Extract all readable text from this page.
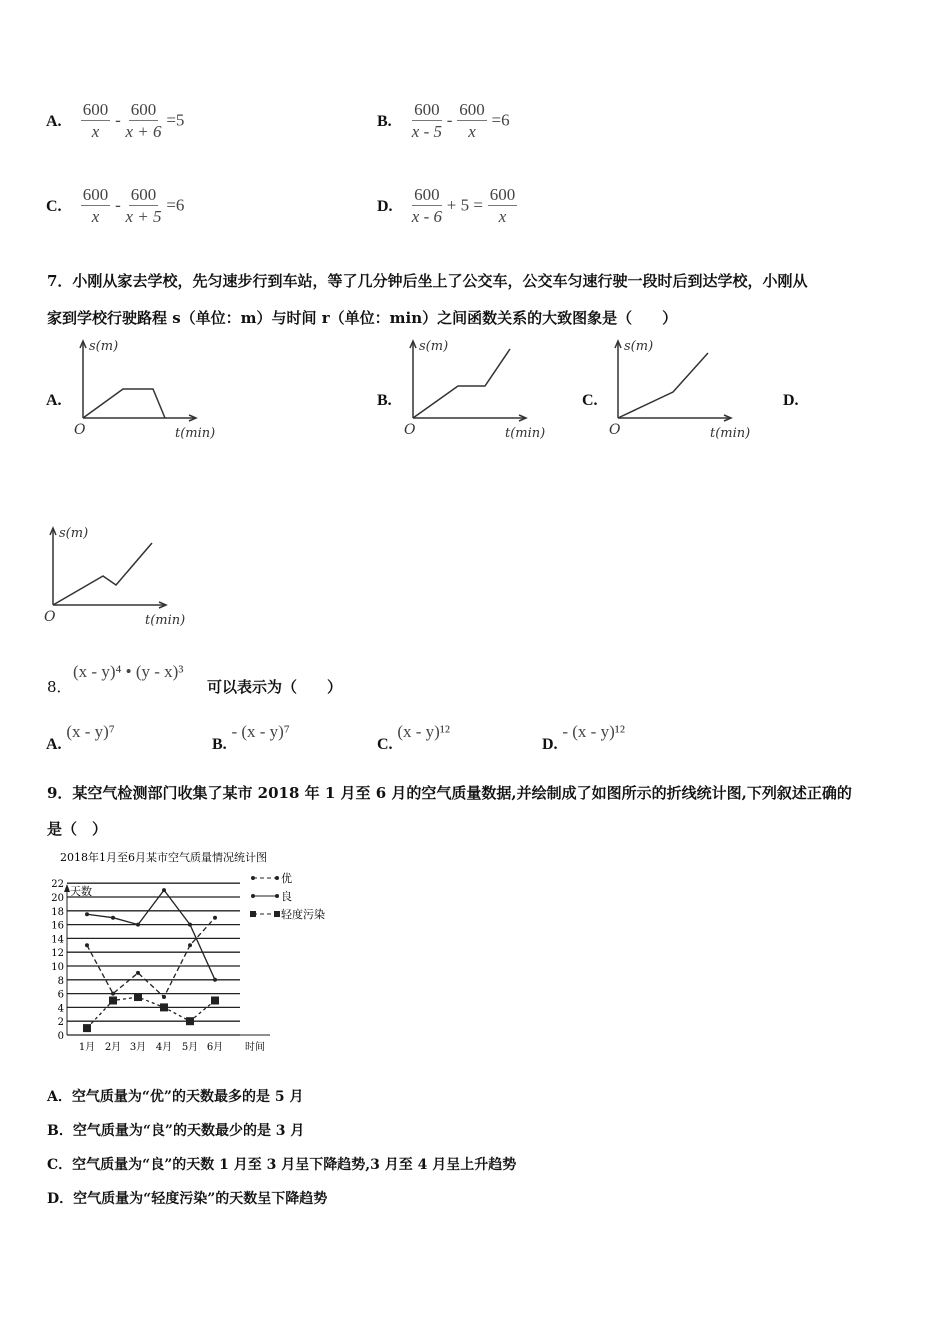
A. $\frac{600}{x} - \frac{600}{x + 6} =5$	B. $\frac{600}{x - 5} - \frac{600}{x} =6$
C. $\frac{600}{x} - \frac{600}{x + 5} =6$	D. $\frac{600}{x - 6} + 5 = \frac{600}{x}$
7．小刚从家去学校，先匀速步行到车站，等了几分钟后坐上了公交车，公交车匀速行驶一段时后到达学校，小刚从
家到学校行驶路程 s（单位：m）与时间 r（单位：min）之间函数关系的大致图象是（　　）
A.	B.	C.	D.
s(m)
t(min)
O
s(m)
t(min)
O
s(m)
t(min)
O
s(m)
t(min)
O
8．
(x - y)⁴ • (y - x)³
可以表示为（　　）
A. (x - y)⁷
B. - (x - y)⁷
C. (x - y)¹²
D. - (x - y)¹²
9．某空气检测部门收集了某市 2018 年 1 月至 6 月的空气质量数据,并绘制成了如图所示的折线统计图,下列叙述正确的
是（　）
2018年1月至6月某市空气质量情况统计图
天数
0
2
4
6
8
10
12
14
16
18
20
22
1月 2月 3月 4月 5月 6月 时间
优
良
轻度污染
A．空气质量为“优”的天数最多的是 5 月
B．空气质量为“良”的天数最少的是 3 月
C．空气质量为“良”的天数 1 月至 3 月呈下降趋势,3 月至 4 月呈上升趋势
D．空气质量为“轻度污染”的天数呈下降趋势
